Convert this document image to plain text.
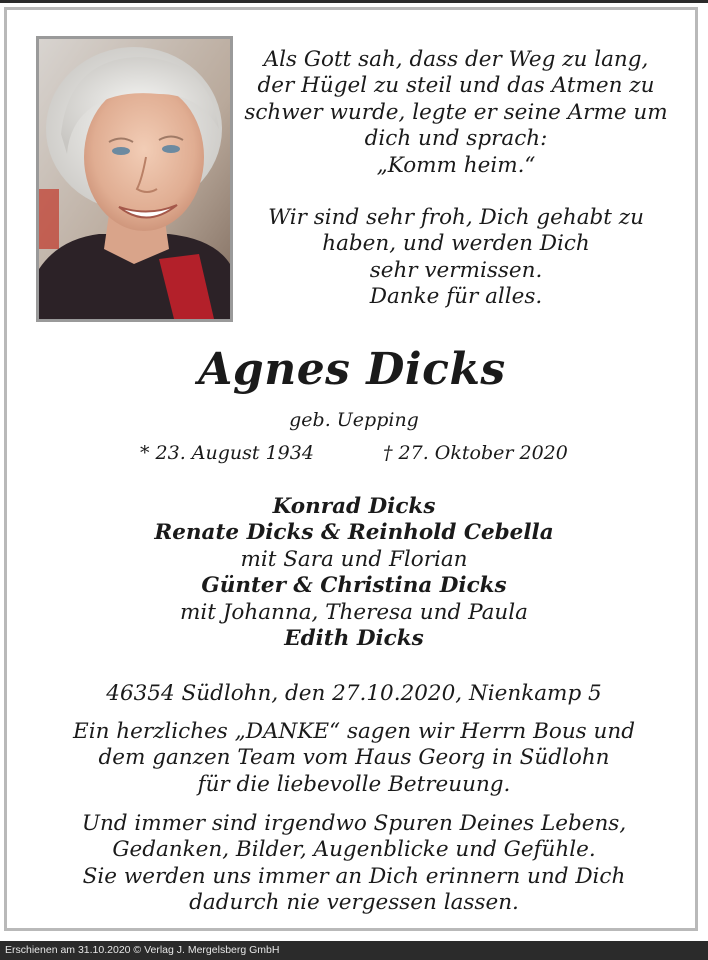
Als Gott sah, dass der Weg zu lang,
der Hügel zu steil und das Atmen zu
schwer wurde, legte er seine Arme um
dich und sprach:
„Komm heim.“

Wir sind sehr froh, Dich gehabt zu
haben, und werden Dich
sehr vermissen.
Danke für alles.

Agnes Dicks
geb. Uepping
* 23. August 1934	† 27. Oktober 2020

Konrad Dicks

Renate Dicks & Reinhold Cebella

mit Sara und Florian

Günter & Christina Dicks

mit Johanna, Theresa und Paula

Edith Dicks

46354 Südlohn, den 27.10.2020, Nienkamp 5

Ein herzliches „DANKE“ sagen wir Herrn Bous und

dem ganzen Team vom Haus Georg in Südlohn

für die liebevolle Betreuung.

Und immer sind irgendwo Spuren Deines Lebens,

Gedanken, Bilder, Augenblicke und Gefühle.

Sie werden uns immer an Dich erinnern und Dich

dadurch nie vergessen lassen.

Erschienen am 31.10.2020 © Verlag J. Mergelsberg GmbH
